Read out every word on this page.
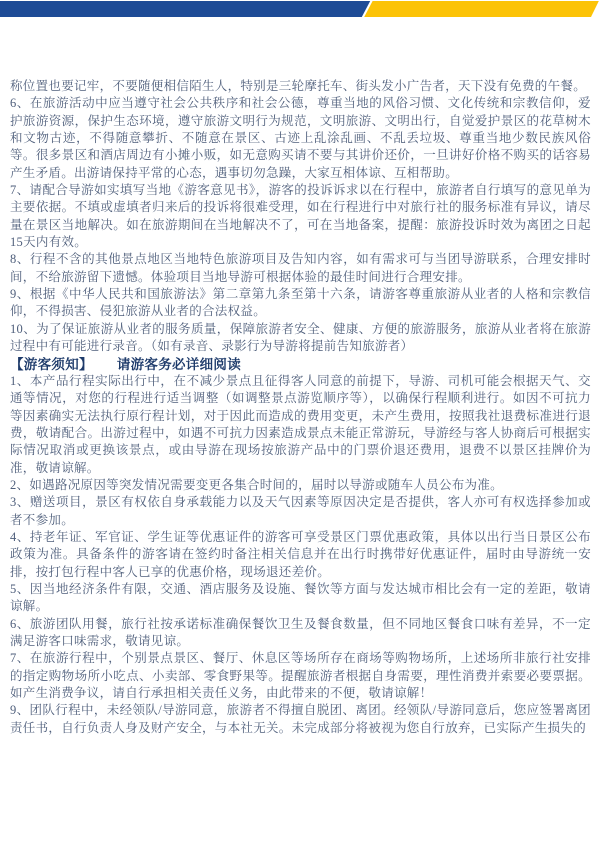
称位置也要记牢，不要随便相信陌生人，特别是三轮摩托车、街头发小广告者，天下没有免费的午餐。

6、在旅游活动中应当遵守社会公共秩序和社会公德，尊重当地的风俗习惯、文化传统和宗教信仰，爱护旅游资源，保护生态环境，遵守旅游文明行为规范，文明旅游、文明出行，自觉爱护景区的花草树木和文物古迹，不得随意攀折、不随意在景区、古迹上乱涂乱画、不乱丢垃圾、尊重当地少数民族风俗等。很多景区和酒店周边有小摊小贩，如无意购买请不要与其讲价还价，一旦讲好价格不购买的话容易产生矛盾。出游请保持平常的心态，遇事切勿急躁，大家互相体谅、互相帮助。

7、请配合导游如实填写当地《游客意见书》，游客的投诉诉求以在行程中，旅游者自行填写的意见单为主要依据。不填或虚填者归来后的投诉将很难受理，如在行程进行中对旅行社的服务标准有异议，请尽量在景区当地解决。如在旅游期间在当地解决不了，可在当地备案，提醒：旅游投诉时效为离团之日起15天内有效。

8、行程不含的其他景点地区当地特色旅游项目及告知内容，如有需求可与当团导游联系，合理安排时间，不给旅游留下遗憾。体验项目当地导游可根据体验的最佳时间进行合理安排。

9、根据《中华人民共和国旅游法》第二章第九条至第十六条，请游客尊重旅游从业者的人格和宗教信仰，不得损害、侵犯旅游从业者的合法权益。

10、为了保证旅游从业者的服务质量，保障旅游者安全、健康、方便的旅游服务，旅游从业者将在旅游过程中有可能进行录音。（如有录音、录影行为导游将提前告知旅游者）

【游客须知】 请游客务必详细阅读

1、本产品行程实际出行中，在不减少景点且征得客人同意的前提下，导游、司机可能会根据天气、交通等情况，对您的行程进行适当调整（如调整景点游览顺序等），以确保行程顺利进行。如因不可抗力等因素确实无法执行原行程计划，对于因此而造成的费用变更，未产生费用，按照我社退费标准进行退费，敬请配合。出游过程中，如遇不可抗力因素造成景点未能正常游玩，导游经与客人协商后可根据实际情况取消或更换该景点，或由导游在现场按旅游产品中的门票价退还费用，退费不以景区挂牌价为准，敬请谅解。

2、如遇路况原因等突发情况需要变更各集合时间的，届时以导游或随车人员公布为准。

3、赠送项目，景区有权依自身承载能力以及天气因素等原因决定是否提供，客人亦可有权选择参加或者不参加。

4、持老年证、军官证、学生证等优惠证件的游客可享受景区门票优惠政策，具体以出行当日景区公布政策为准。具备条件的游客请在签约时备注相关信息并在出行时携带好优惠证件，届时由导游统一安排，按打包行程中客人已享的优惠价格，现场退还差价。

5、因当地经济条件有限，交通、酒店服务及设施、餐饮等方面与发达城市相比会有一定的差距，敬请谅解。

6、旅游团队用餐，旅行社按承诺标准确保餐饮卫生及餐食数量，但不同地区餐食口味有差异，不一定满足游客口味需求，敬请见谅。

7、在旅游行程中，个别景点景区、餐厅、休息区等场所存在商场等购物场所，上述场所非旅行社安排的指定购物场所小吃点、小卖部、零食野果等。提醒旅游者根据自身需要，理性消费并索要必要票据。如产生消费争议，请自行承担相关责任义务，由此带来的不便，敬请谅解！

9、团队行程中，未经领队/导游同意，旅游者不得擅自脱团、离团。经领队/导游同意后，您应签署离团责任书，自行负责人身及财产安全，与本社无关。未完成部分将被视为您自行放弃，已实际产生损失的
